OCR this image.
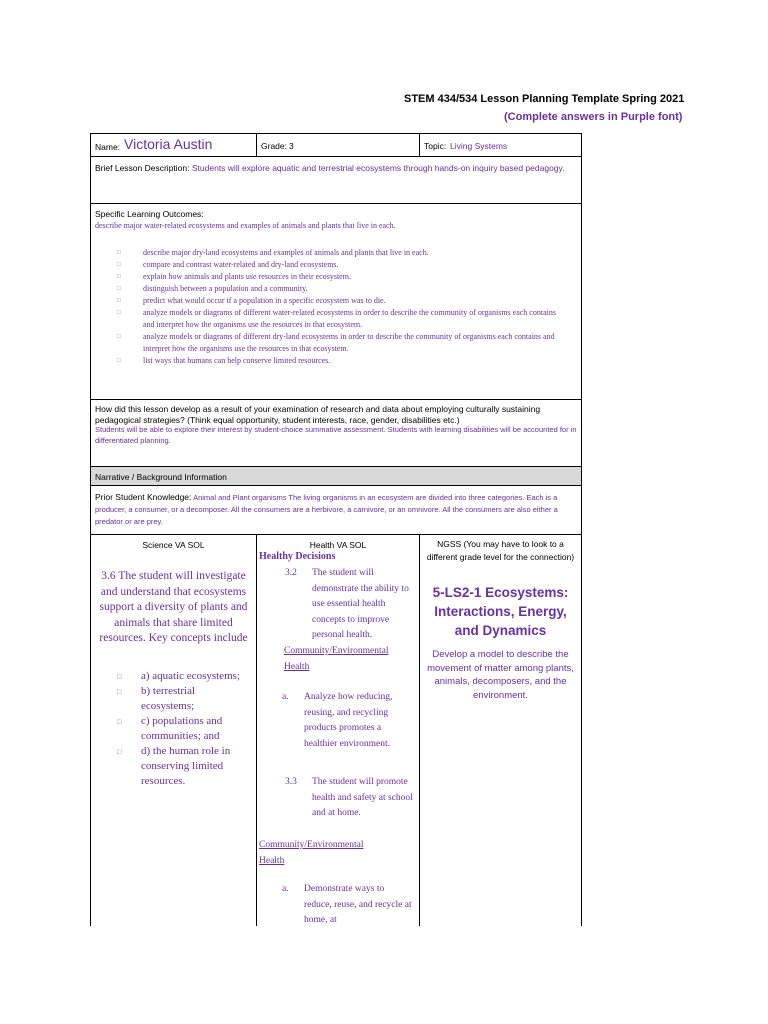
STEM 434/534 Lesson Planning Template Spring 2021
(Complete answers in Purple font)
Name: Victoria Austin	Grade: 3	Topic: Living Systems
Brief Lesson Description: Students will explore aquatic and terrestrial ecosystems through hands-on inquiry based pedagogy.
Specific Learning Outcomes:
describe major water-related ecosystems and examples of animals and plants that live in each.
□ describe major dry-land ecosystems and examples of animals and plants that live in each.
□ compare and contrast water-related and dry-land ecosystems.
□ explain how animals and plants use resources in their ecosystem.
□ distinguish between a population and a community.
□ predict what would occur if a population in a specific ecosystem was to die.
□ analyze models or diagrams of different water-related ecosystems in order to describe the community of organisms each contains and interpret how the organisms use the resources in that ecosystem.
□ analyze models or diagrams of different dry-land ecosystems in order to describe the community of organisms each contains and interpret how the organisms use the resources in that ecosystem.
□ list ways that humans can help conserve limited resources.
How did this lesson develop as a result of your examination of research and data about employing culturally sustaining pedagogical strategies? (Think equal opportunity, student interests, race, gender, disabilities etc.)
Students will be able to explore their interest by student-choice summative assessment. Students with learning disabilities will be accounted for in differentiated planning.
Narrative / Background Information
Prior Student Knowledge: Animal and Plant organisms The living organisms in an ecosystem are divided into three categories. Each is a producer, a consumer, or a decomposer. All the consumers are a herbivore, a carnivore, or an omnivore. All the consumers are also either a predator or are prey.
Science VA SOL
3.6 The student will investigate and understand that ecosystems support a diversity of plants and animals that share limited resources. Key concepts include
□ a) aquatic ecosystems;
□ b) terrestrial ecosystems;
□ c) populations and communities; and
□ d) the human role in conserving limited resources.
Health VA SOL
Healthy Decisions
3.2 The student will demonstrate the ability to use essential health concepts to improve personal health.
Community/Environmental Health
a. Analyze how reducing, reusing, and recycling products promotes a healthier environment.
3.3 The student will promote health and safety at school and at home.
Community/Environmental Health
a. Demonstrate ways to reduce, reuse, and recycle at home, at
NGSS (You may have to look to a different grade level for the connection)
5-LS2-1 Ecosystems: Interactions, Energy, and Dynamics
Develop a model to describe the movement of matter among plants, animals, decomposers, and the environment.
